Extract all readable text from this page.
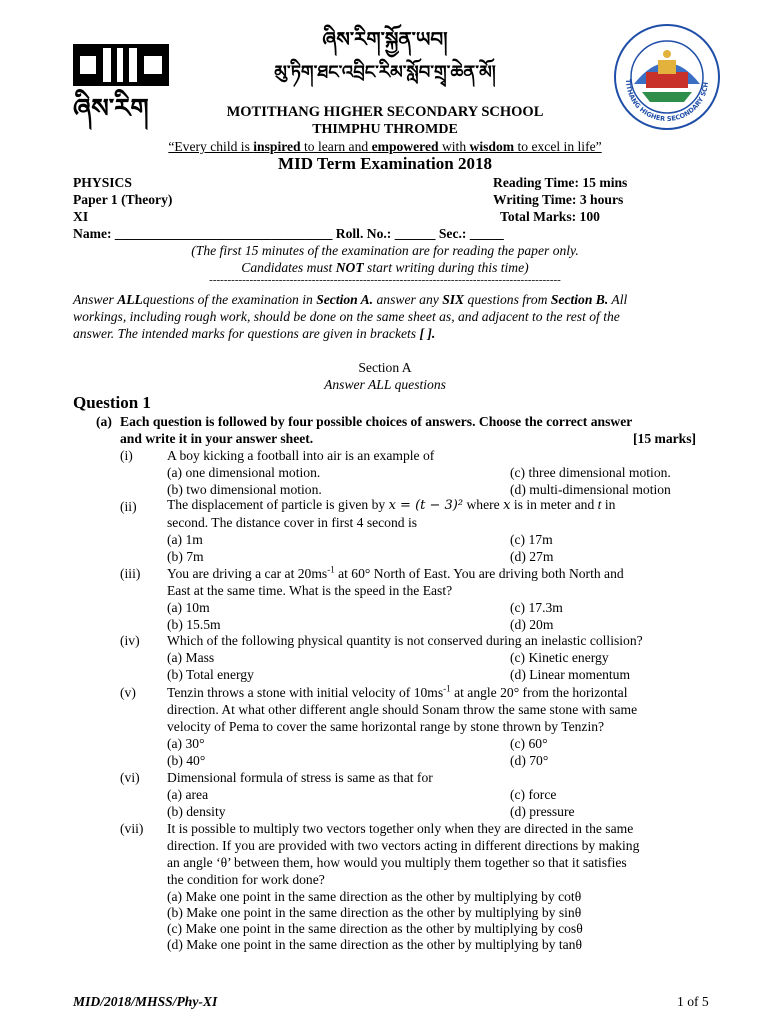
ཞིས་རིག
ཞིས་རིག་སྐྱོན་ཡབ།
མུ་ཏིག་ཐང་འབྲིང་རིམ་སློབ་གྲྭ་ཆེན་མོ།	TITHANG HIGHER SECONDARY SCH
MOTITHANG HIGHER SECONDARY SCHOOL
THIMPHU THROMDE
“Every child is inspired to learn and empowered with wisdom to excel in life”
MID Term Examination 2018
PHYSICS
Paper 1 (Theory)
XI
Name: ________________________________ Roll. No.: ______ Sec.: _____
Reading Time: 15 mins
Writing Time: 3 hours
Total Marks: 100
(The first 15 minutes of the examination are for reading the paper only.
Candidates must NOT start writing during this time)
------------------------------------------------------------------------------------------------
Answer ALLquestions of the examination in Section A. answer any SIX questions from Section B. All
workings, including rough work, should be done on the same sheet as, and adjacent to the rest of the
answer. The intended marks for questions are given in brackets [ ].
Section A
Answer ALL questions
Question 1
(a) Each question is followed by four possible choices of answers. Choose the correct answer
and write it in your answer sheet.	[15 marks]
(i)	A boy kicking a football into air is an example of
(a) one dimensional motion.	(c) three dimensional motion.
(b) two dimensional motion.	(d) multi-dimensional motion
(ii) The displacement of particle is given by x = (t − 3)² where x is in meter and t in
second. The distance cover in first 4 second is
(a) 1m	(c) 17m
(b) 7m	(d) 27m
(iii) You are driving a car at $20ms^{-1}$ at 60° North of East. You are driving both North and
East at the same time. What is the speed in the East?
(a) 10m	(c) 17.3m
(b) 15.5m	(d) 20m
(iv) Which of the following physical quantity is not conserved during an inelastic collision?
(a) Mass	(c) Kinetic energy
(b) Total energy	(d) Linear momentum
(v) Tenzin throws a stone with initial velocity of $10ms^{-1}$ at angle 20° from the horizontal
direction. At what other different angle should Sonam throw the same stone with same
velocity of Pema to cover the same horizontal range by stone thrown by Tenzin?
(a) 30°	(c) 60°
(b) 40°	(d) 70°
(vi) Dimensional formula of stress is same as that for
(a) area	(c) force
(b) density	(d) pressure
(vii) It is possible to multiply two vectors together only when they are directed in the same
direction. If you are provided with two vectors acting in different directions by making
an angle ‘θ’ between them, how would you multiply them together so that it satisfies
the condition for work done?
(a) Make one point in the same direction as the other by multiplying by cotθ
(b) Make one point in the same direction as the other by multiplying by sinθ
(c) Make one point in the same direction as the other by multiplying by cosθ
(d) Make one point in the same direction as the other by multiplying by tanθ
MID/2018/MHSS/Phy-XI	1 of 5
